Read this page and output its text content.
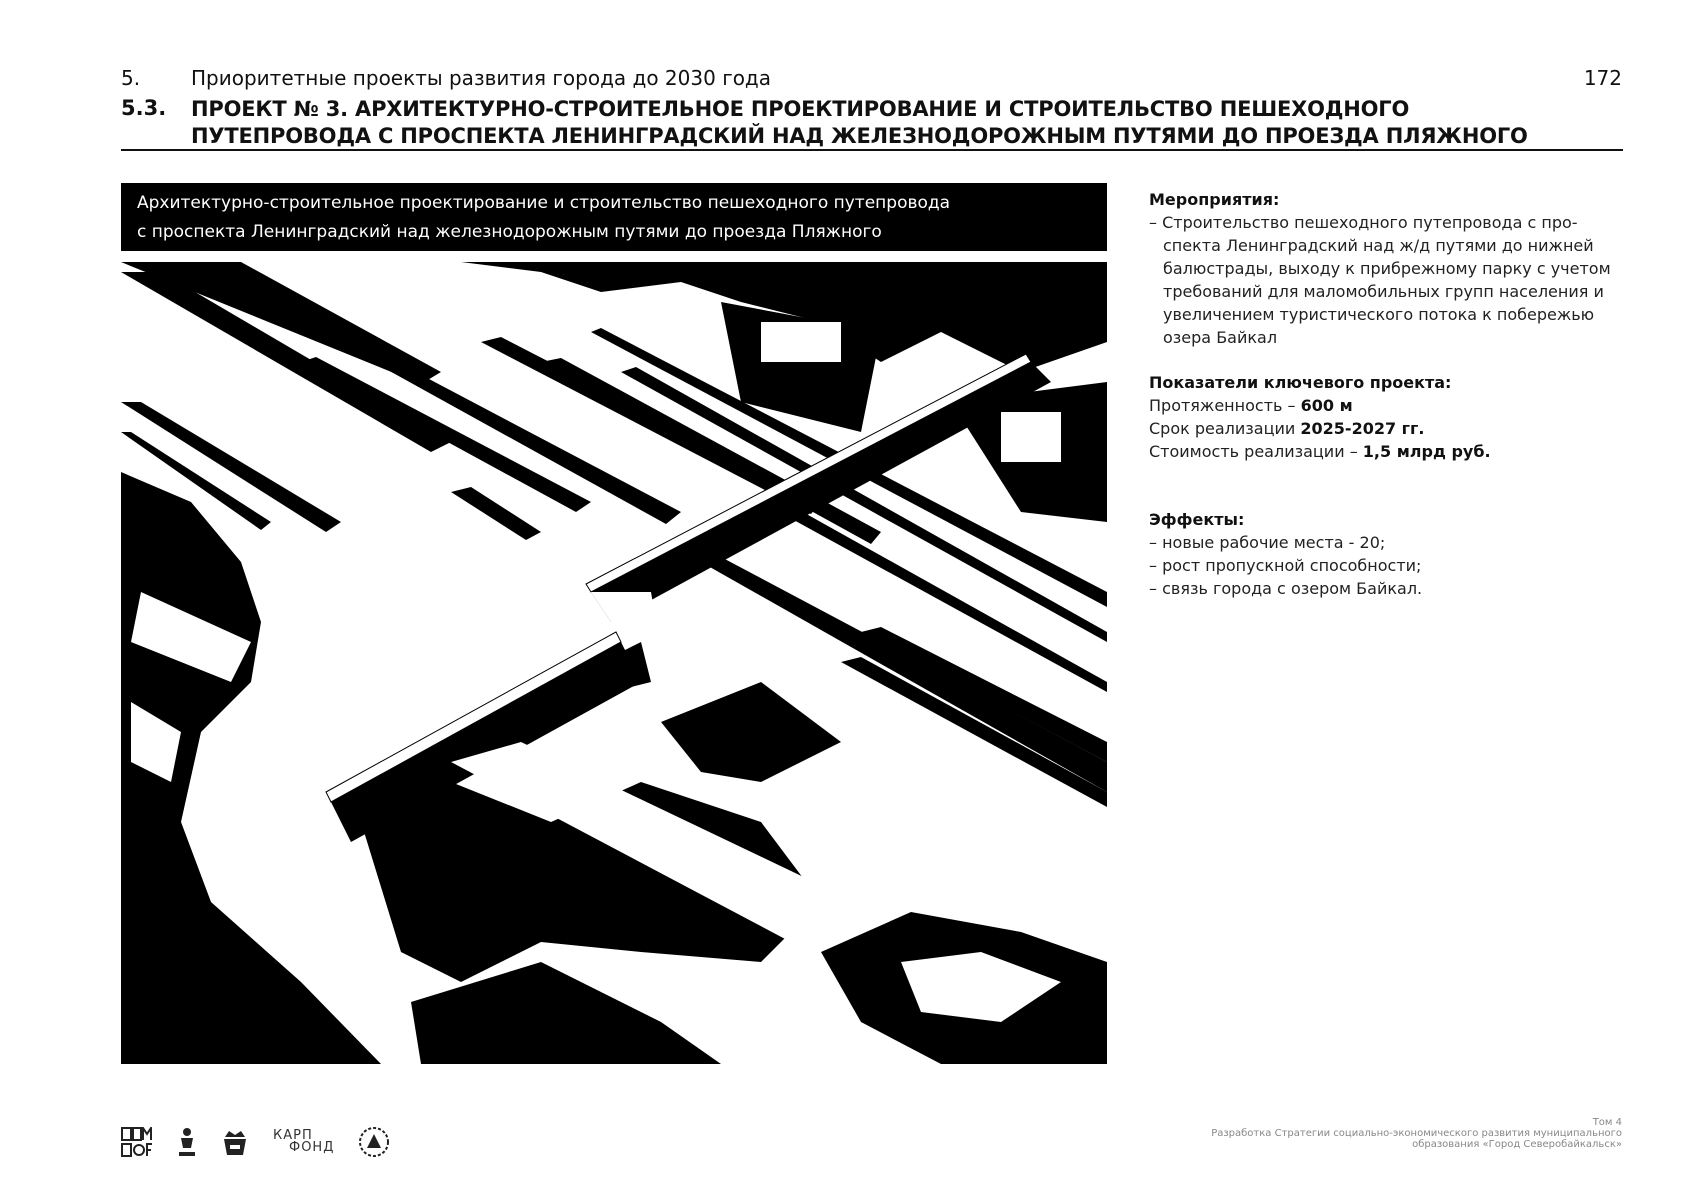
5.	Приоритетные проекты развития города до 2030 года	172
5.3. ПРОЕКТ № 3. АРХИТЕКТУРНО-СТРОИТЕЛЬНОЕ ПРОЕКТИРОВАНИЕ И СТРОИТЕЛЬСТВО ПЕШЕХОДНОГО
ПУТЕПРОВОДА С ПРОСПЕКТА ЛЕНИНГРАДСКИЙ НАД ЖЕЛЕЗНОДОРОЖНЫМ ПУТЯМИ ДО ПРОЕЗДА ПЛЯЖНОГО
Архитектурно-строительное проектирование и строительство пешеходного путепровода
с проспекта Ленинградский над железнодорожным путями до проезда Пляжного
Мероприятия:
– Строительство пешеходного путепровода с про- спекта Ленинградский над ж/д путями до нижней балюстрады, выходу к прибрежному парку с учетом требований для маломобильных групп населения и увеличением туристического потока к побережью озера Байкал
Показатели ключевого проекта:
Протяженность – 600 м
Срок реализации 2025-2027 гг.
Стоимость реализации – 1,5 млрд руб.
Эффекты:
– новые рабочие места - 20;
– рост пропускной способности;
– связь города с озером Байкал.
КАРП
ФОНД
Том 4
Разработка Стратегии социально-экономического развития муниципального
образования «Город Северобайкальск»
